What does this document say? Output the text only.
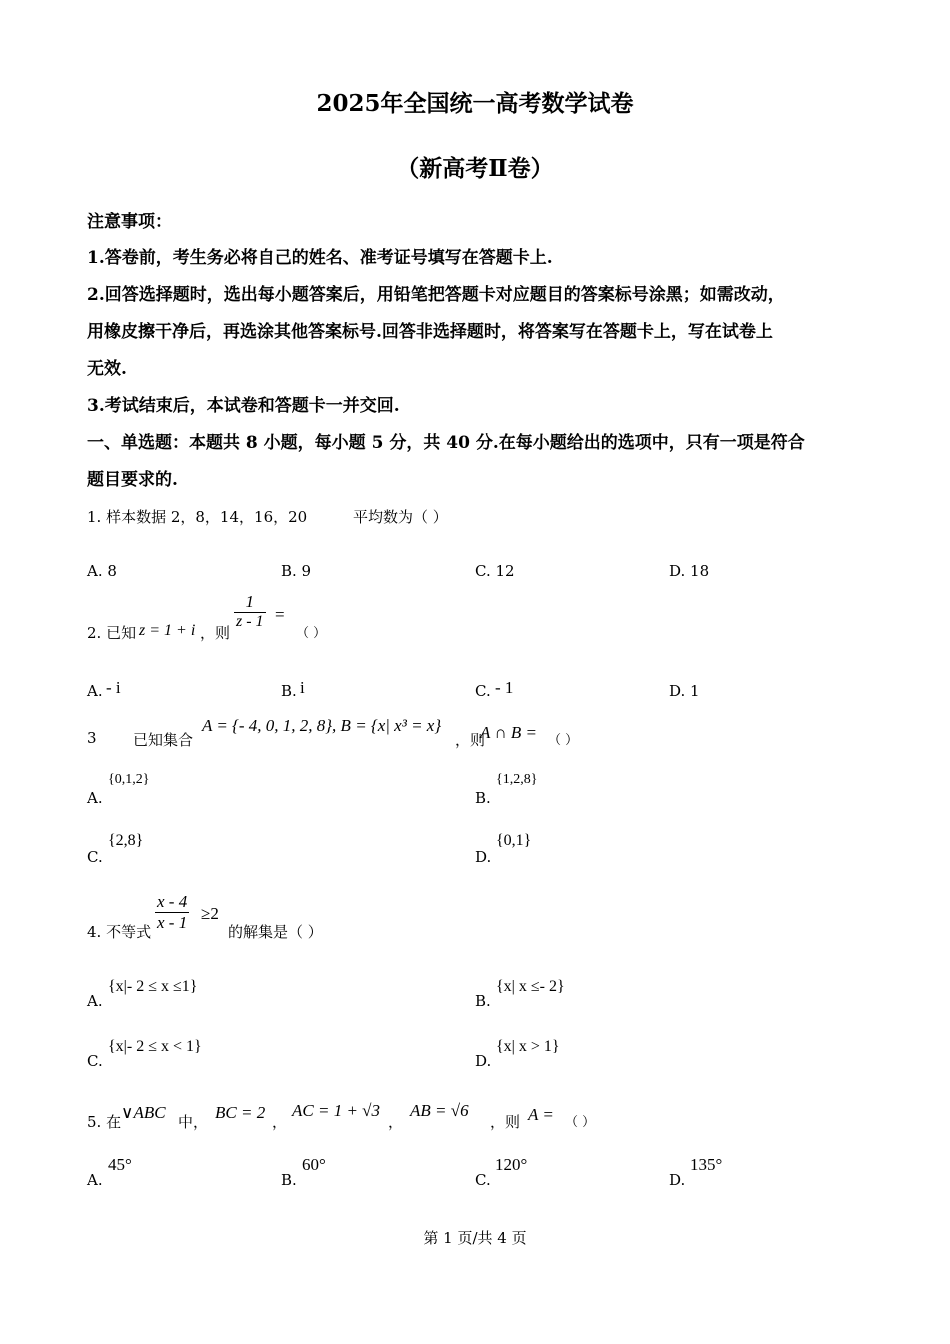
2025年全国统一高考数学试卷
（新高考Ⅱ卷）
注意事项：
1.答卷前，考生务必将自己的姓名、准考证号填写在答题卡上.
2.回答选择题时，选出每小题答案后，用铅笔把答题卡对应题目的答案标号涂黑；如需改动，
用橡皮擦干净后，再选涂其他答案标号.回答非选择题时，将答案写在答题卡上，写在试卷上
无效.
3.考试结束后，本试卷和答题卡一并交回.
一、单选题：本题共 8 小题，每小题 5 分，共 40 分.在每小题给出的选项中，只有一项是符合
题目要求的.
1. 样本数据 2，8，14，16，20	平均数为（ ）
A. 8	B. 9	C. 12	D. 18
2. 已知 z = 1 + i ，则
$\frac{1}{z - 1}$ =
（ ）
A. - i	B. i	C. - 1	D. 1
3 已知集合
A = {- 4, 0, 1, 2, 8}, B = {x| x³ = x}
，则
A ∩ B = （ ）
A.
{0,1,2}
B.
{1,2,8}
C.
{2,8}
D.
{0,1}
4. 不等式 $\frac{x - 4}{x - 1} \ge 2$
的解集是（ ）
A.
{x|- 2 ≤ x ≤1}
B.
{x| x ≤- 2}
C.
{x|- 2 ≤ x < 1}
D.
{x| x > 1}
5. 在 ∨ABC 中， BC = 2 ，
AC = 1 + √3
，
AB = √6
，则 A = （ ）
A.
45°
B.
60°
C.
120°
D.
135°
第 1 页/共 4 页
